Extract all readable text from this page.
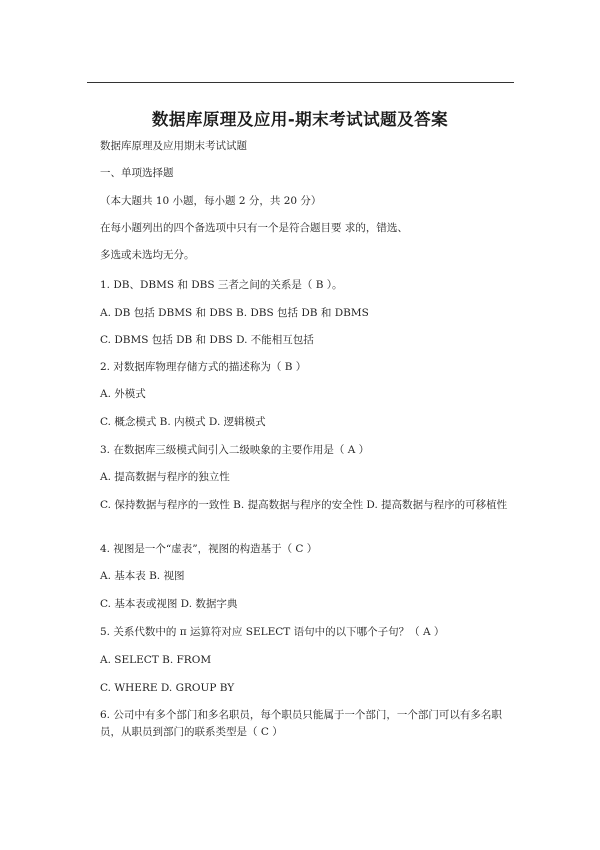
数据库原理及应用-期末考试试题及答案
数据库原理及应用期末考试试题
一、单项选择题
（本大题共 10 小题，每小题 2 分，共 20 分）
在每小题列出的四个备选项中只有一个是符合题目要 求的，错选、
多选或未选均无分。
1. DB、DBMS 和 DBS 三者之间的关系是（ B ）。
A. DB 包括 DBMS 和 DBS B. DBS 包括 DB 和 DBMS
C. DBMS 包括 DB 和 DBS D. 不能相互包括
2. 对数据库物理存储方式的描述称为（ B ）
A. 外模式
C. 概念模式 B. 内模式 D. 逻辑模式
3. 在数据库三级模式间引入二级映象的主要作用是（ A ）
A. 提高数据与程序的独立性
C. 保持数据与程序的一致性 B. 提高数据与程序的安全性 D. 提高数据与程序的可移植性
4. 视图是一个“虚表”，视图的构造基于（ C ）
A. 基本表 B. 视图
C. 基本表或视图 D. 数据字典
5. 关系代数中的 π 运算符对应 SELECT 语句中的以下哪个子句？（ A ）
A. SELECT B. FROM
C. WHERE D. GROUP BY
6. 公司中有多个部门和多名职员，每个职员只能属于一个部门，一个部门可以有多名职员，从职员到部门的联系类型是（ C ）
